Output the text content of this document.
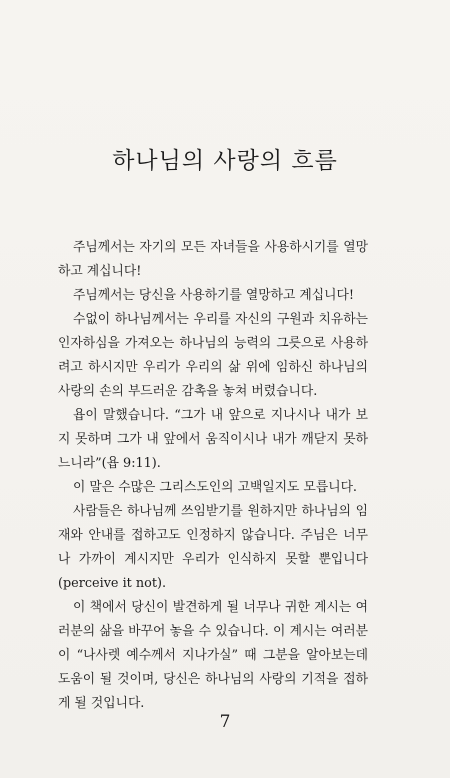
하나님의 사랑의 흐름

주님께서는 자기의 모든 자녀들을 사용하시기를 열망하고 계십니다!

주님께서는 당신을 사용하기를 열망하고 계십니다!

수없이 하나님께서는 우리를 자신의 구원과 치유하는 인자하심을 가져오는 하나님의 능력의 그릇으로 사용하려고 하시지만 우리가 우리의 삶 위에 임하신 하나님의 사랑의 손의 부드러운 감촉을 놓쳐 버렸습니다.

욥이 말했습니다. “그가 내 앞으로 지나시나 내가 보지 못하며 그가 내 앞에서 움직이시나 내가 깨닫지 못하느니라”(욥 9:11).

이 말은 수많은 그리스도인의 고백일지도 모릅니다.

사람들은 하나님께 쓰임받기를 원하지만 하나님의 임재와 안내를 접하고도 인정하지 않습니다. 주님은 너무나 가까이 계시지만 우리가 인식하지 못할 뿐입니다(perceive it not).

이 책에서 당신이 발견하게 될 너무나 귀한 계시는 여러분의 삶을 바꾸어 놓을 수 있습니다. 이 계시는 여러분이 “나사렛 예수께서 지나가실” 때 그분을 알아보는데 도움이 될 것이며, 당신은 하나님의 사랑의 기적을 접하게 될 것입니다.

7
